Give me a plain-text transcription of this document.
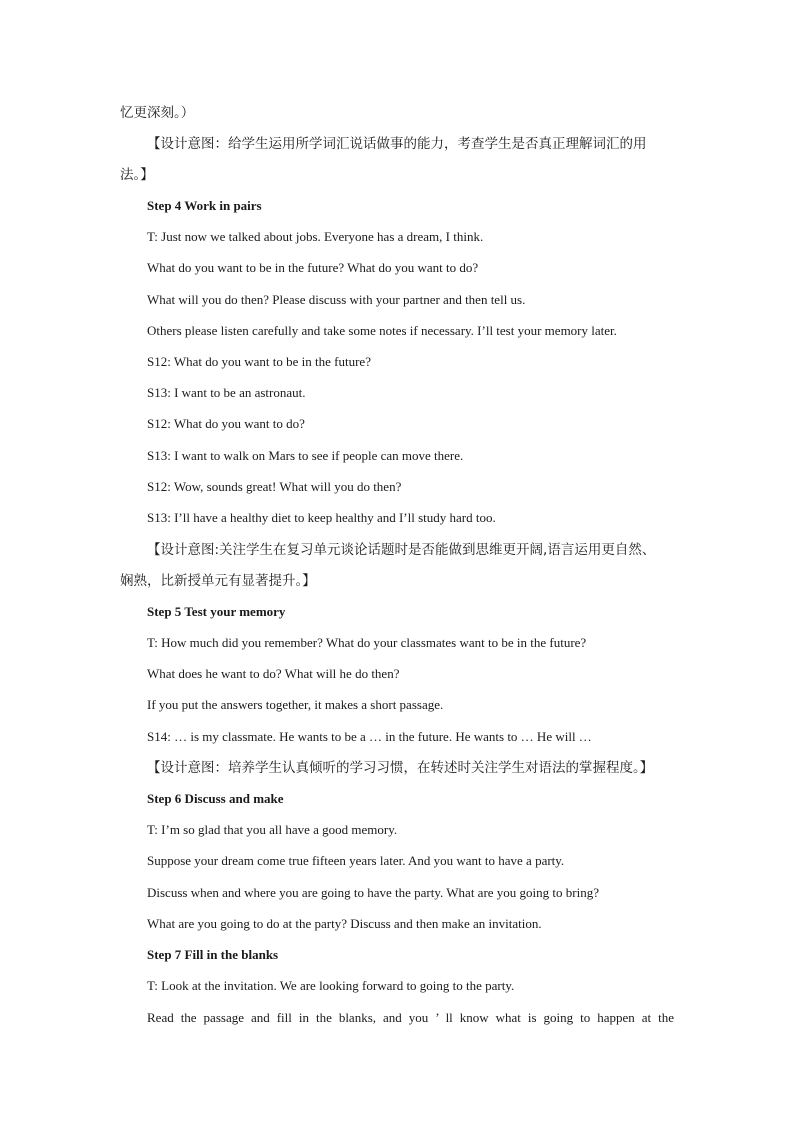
忆更深刻。）
【设计意图：给学生运用所学词汇说话做事的能力，考查学生是否真正理解词汇的用
法。】
Step 4 Work in pairs
T: Just now we talked about jobs. Everyone has a dream, I think.
What do you want to be in the future? What do you want to do?
What will you do then? Please discuss with your partner and then tell us.
Others please listen carefully and take some notes if necessary. I’ll test your memory later.
S12: What do you want to be in the future?
S13: I want to be an astronaut.
S12: What do you want to do?
S13: I want to walk on Mars to see if people can move there.
S12: Wow, sounds great! What will you do then?
S13: I’ll have a healthy diet to keep healthy and I’ll study hard too.
【设计意图:关注学生在复习单元谈论话题时是否能做到思维更开阔,语言运用更自然、
娴熟，比新授单元有显著提升。】
Step 5 Test your memory
T: How much did you remember? What do your classmates want to be in the future?
What does he want to do? What will he do then?
If you put the answers together, it makes a short passage.
S14: … is my classmate. He wants to be a … in the future. He wants to … He will …
【设计意图：培养学生认真倾听的学习习惯，在转述时关注学生对语法的掌握程度。】
Step 6 Discuss and make
T: I’m so glad that you all have a good memory.
Suppose your dream come true fifteen years later. And you want to have a party.
Discuss when and where you are going to have the party. What are you going to bring?
What are you going to do at the party? Discuss and then make an invitation.
Step 7 Fill in the blanks
T: Look at the invitation. We are looking forward to going to the party.
Read the passage and fill in the blanks, and you ’ ll know what is going to happen at the
